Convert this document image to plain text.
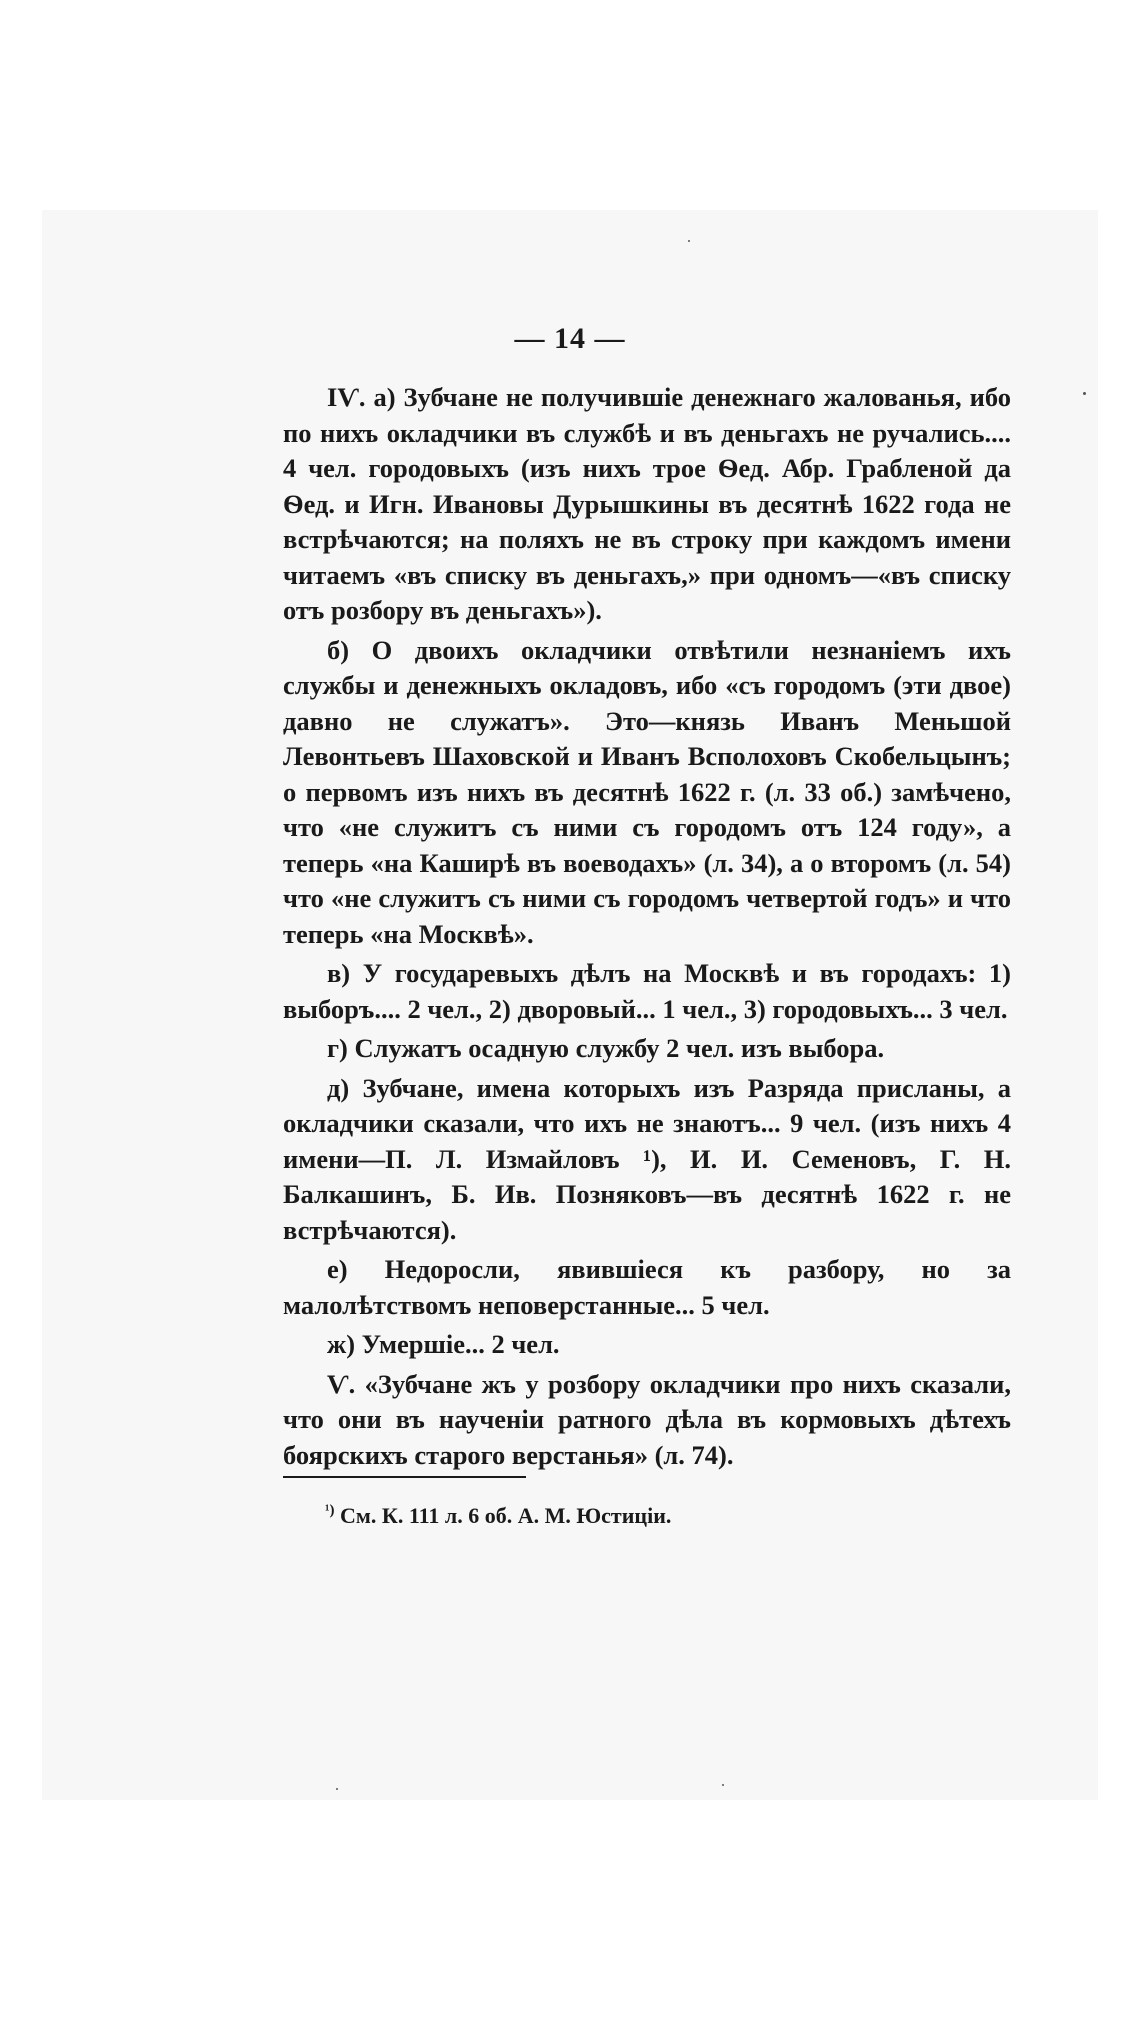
— 14 —

IѴ. а) Зубчане не получившіе денежнаго жалованья, ибо по нихъ окладчики въ службѣ и въ деньгахъ не ручались.... 4 чел. городовыхъ (изъ нихъ трое Ѳед. Абр. Грабленой да Ѳед. и Игн. Ивановы Дурышкины въ десятнѣ 1622 года не встрѣчаются; на поляхъ не въ строку при каждомъ имени читаемъ «въ списку въ деньгахъ,» при одномъ—«въ списку отъ розбору въ деньгахъ»).

б) О двоихъ окладчики отвѣтили незнаніемъ ихъ службы и денежныхъ окладовъ, ибо «съ городомъ (эти двое) давно не служатъ». Это—князь Иванъ Меньшой Левонтьевъ Шаховской и Иванъ Всполоховъ Скобельцынъ; о первомъ изъ нихъ въ десятнѣ 1622 г. (л. 33 об.) замѣчено, что «не служитъ съ ними съ городомъ отъ 124 году», а теперь «на Каширѣ въ воеводахъ» (л. 34), а о второмъ (л. 54) что «не служитъ съ ними съ городомъ четвертой годъ» и что теперь «на Москвѣ».

в) У государевыхъ дѣлъ на Москвѣ и въ городахъ: 1) выборъ.... 2 чел., 2) дворовый... 1 чел., 3) городовыхъ... 3 чел.

г) Служатъ осадную службу 2 чел. изъ выбора.

д) Зубчане, имена которыхъ изъ Разряда присланы, а окладчики сказали, что ихъ не знаютъ... 9 чел. (изъ нихъ 4 имени—П. Л. Измайловъ ¹), И. И. Семеновъ, Г. Н. Балкашинъ, Б. Ив. Позняковъ—въ десятнѣ 1622 г. не встрѣчаются).

е) Недоросли, явившіеся къ разбору, но за малолѣтствомъ неповерстанные... 5 чел.

ж) Умершіе... 2 чел.

Ѵ. «Зубчане жъ у розбору окладчики про нихъ сказали, что они въ наученіи ратного дѣла въ кормовыхъ дѣтехъ боярскихъ старого верстанья» (л. 74).

$^{^1)}$ См. К. 111 л. 6 об. А. М. Юстиціи.
